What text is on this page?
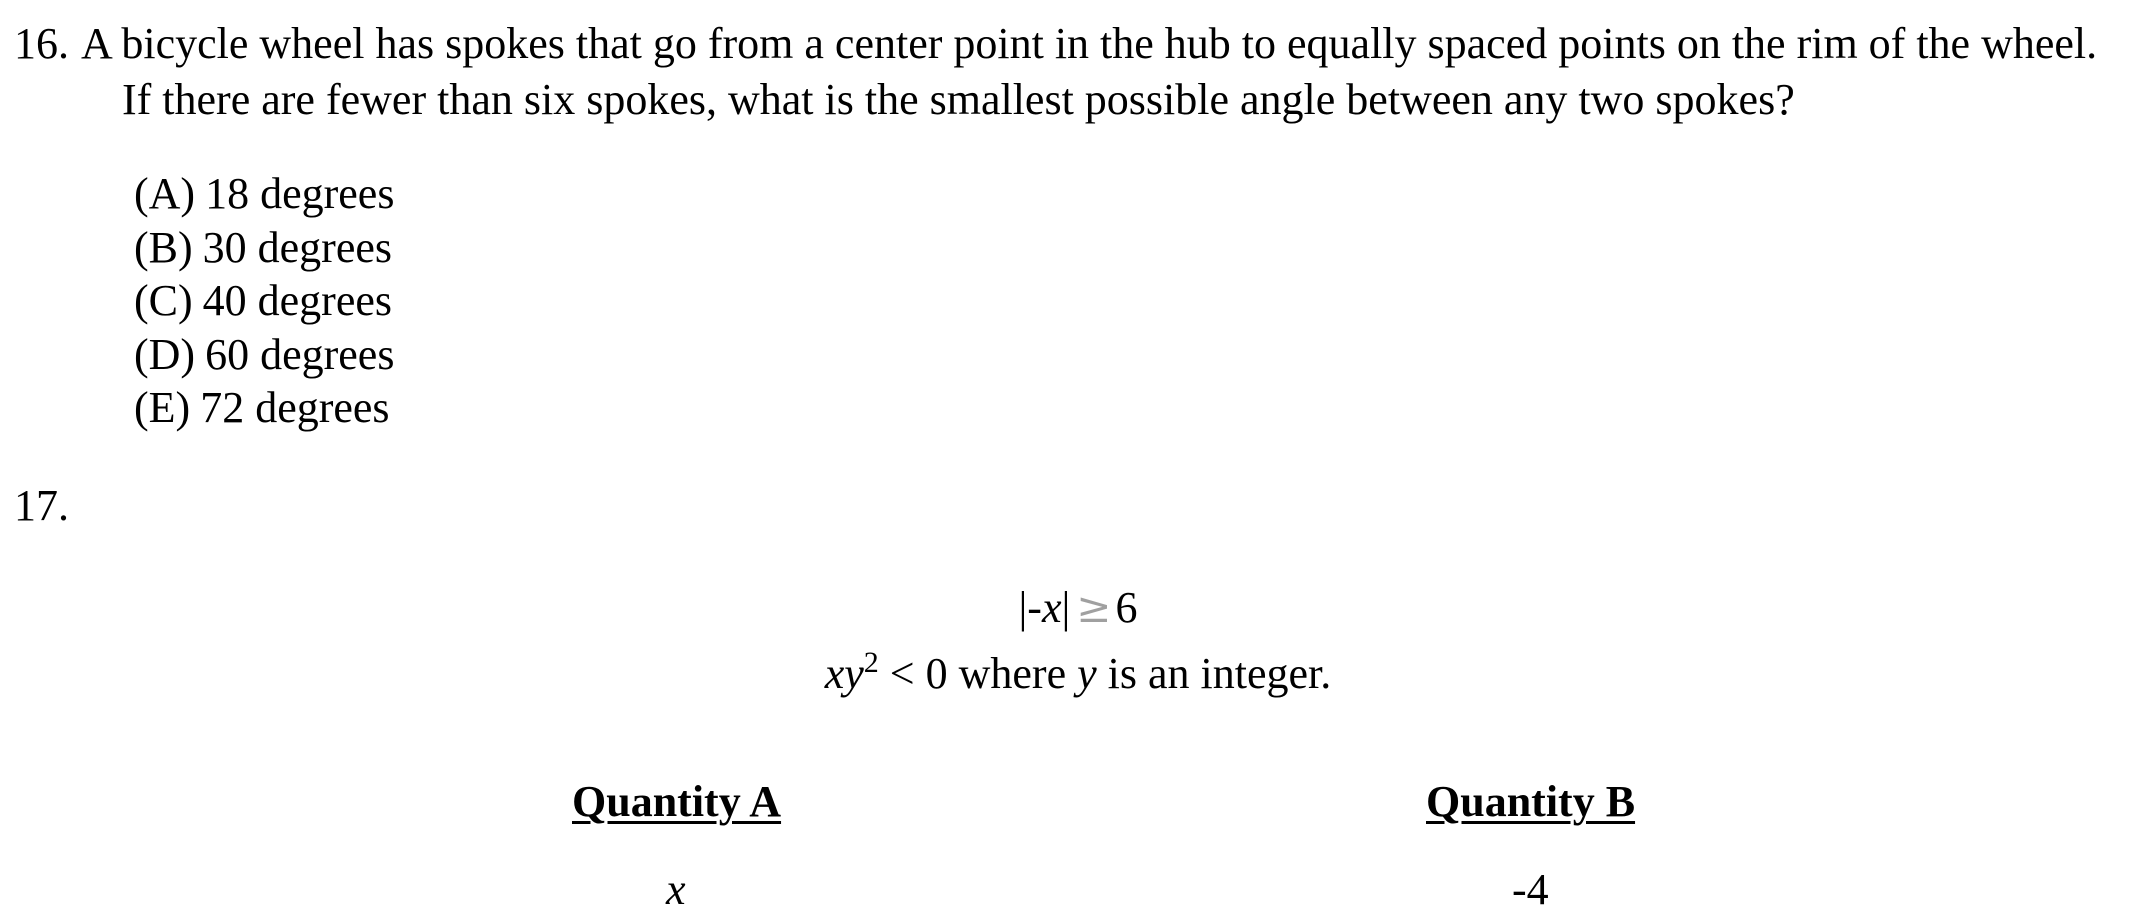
16. A bicycle wheel has spokes that go from a center point in the hub to equally spaced points on the rim of the wheel.
If there are fewer than six spokes, what is the smallest possible angle between any two spokes?
(A) 18 degrees
(B) 30 degrees
(C) 40 degrees
(D) 60 degrees
(E) 72 degrees
17.
|-x| ≥6
$xy^2 < 0$ where y is an integer.
Quantity A	Quantity B
x	-4
